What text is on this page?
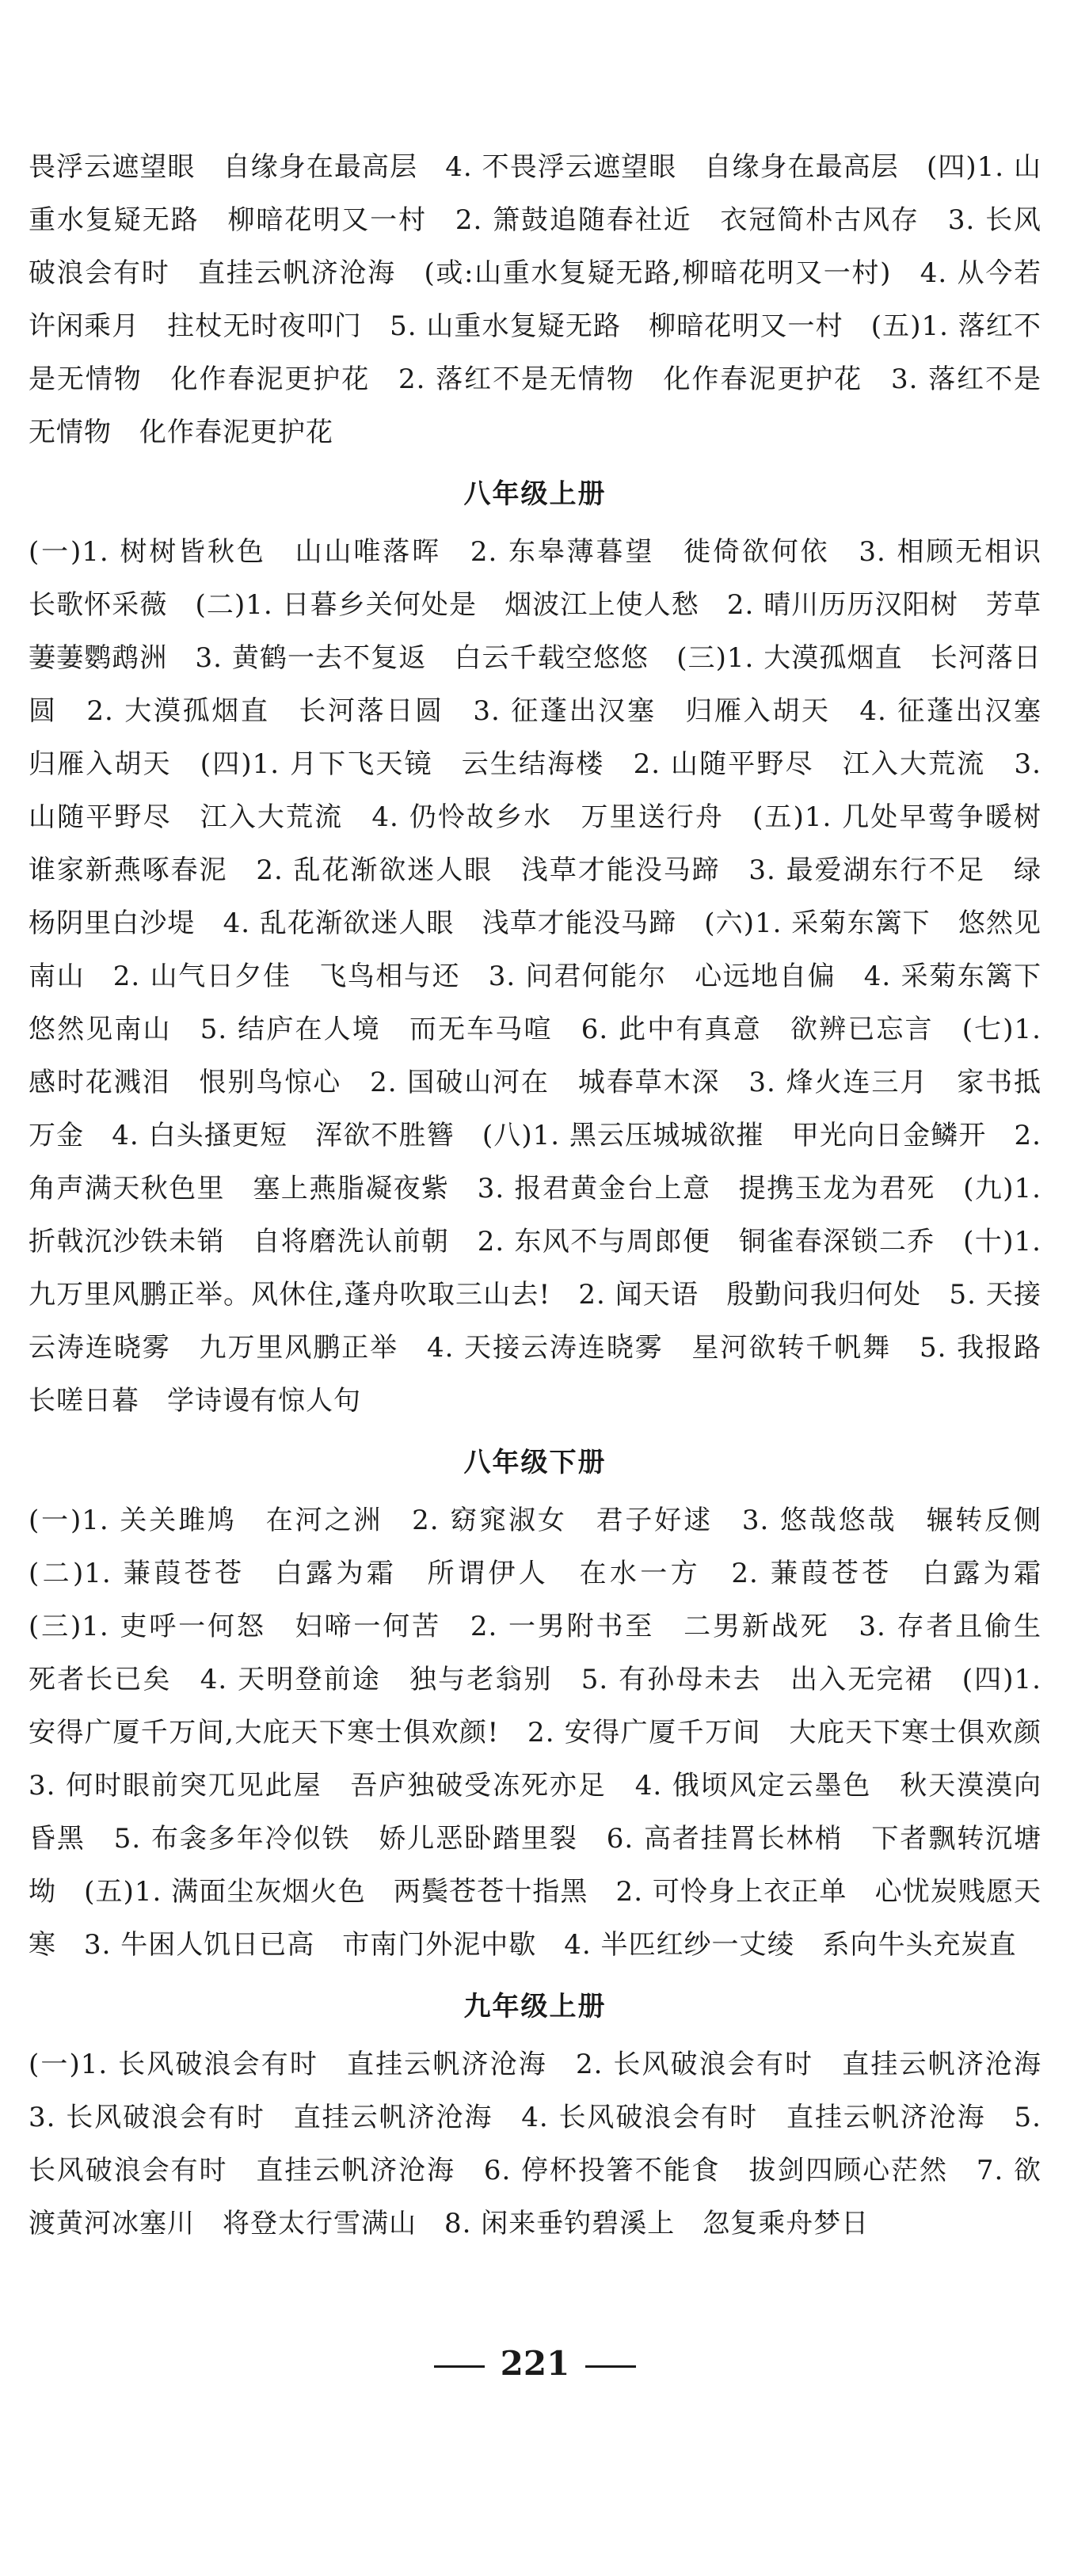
畏浮云遮望眼　自缘身在最高层　4. 不畏浮云遮望眼　自缘身在最高层　(四)1. 山重水复疑无路　柳暗花明又一村　2. 箫鼓追随春社近　衣冠简朴古风存　3. 长风破浪会有时　直挂云帆济沧海　(或:山重水复疑无路,柳暗花明又一村)　4. 从今若许闲乘月　拄杖无时夜叩门　5. 山重水复疑无路　柳暗花明又一村　(五)1. 落红不是无情物　化作春泥更护花　2. 落红不是无情物　化作春泥更护花　3. 落红不是无情物　化作春泥更护花

八年级上册

(一)1. 树树皆秋色　山山唯落晖　2. 东皋薄暮望　徙倚欲何依　3. 相顾无相识　长歌怀采薇　(二)1. 日暮乡关何处是　烟波江上使人愁　2. 晴川历历汉阳树　芳草萋萋鹦鹉洲　3. 黄鹤一去不复返　白云千载空悠悠　(三)1. 大漠孤烟直　长河落日圆　2. 大漠孤烟直　长河落日圆　3. 征蓬出汉塞　归雁入胡天　4. 征蓬出汉塞　归雁入胡天　(四)1. 月下飞天镜　云生结海楼　2. 山随平野尽　江入大荒流　3. 山随平野尽　江入大荒流　4. 仍怜故乡水　万里送行舟　(五)1. 几处早莺争暖树　谁家新燕啄春泥　2. 乱花渐欲迷人眼　浅草才能没马蹄　3. 最爱湖东行不足　绿杨阴里白沙堤　4. 乱花渐欲迷人眼　浅草才能没马蹄　(六)1. 采菊东篱下　悠然见南山　2. 山气日夕佳　飞鸟相与还　3. 问君何能尔　心远地自偏　4. 采菊东篱下　悠然见南山　5. 结庐在人境　而无车马喧　6. 此中有真意　欲辨已忘言　(七)1. 感时花溅泪　恨别鸟惊心　2. 国破山河在　城春草木深　3. 烽火连三月　家书抵万金　4. 白头搔更短　浑欲不胜簪　(八)1. 黑云压城城欲摧　甲光向日金鳞开　2. 角声满天秋色里　塞上燕脂凝夜紫　3. 报君黄金台上意　提携玉龙为君死　(九)1. 折戟沉沙铁未销　自将磨洗认前朝　2. 东风不与周郎便　铜雀春深锁二乔　(十)1. 九万里风鹏正举。风休住,蓬舟吹取三山去!　2. 闻天语　殷勤问我归何处　5. 天接云涛连晓雾　九万里风鹏正举　4. 天接云涛连晓雾　星河欲转千帆舞　5. 我报路长嗟日暮　学诗谩有惊人句

八年级下册

(一)1. 关关雎鸠　在河之洲　2. 窈窕淑女　君子好逑　3. 悠哉悠哉　辗转反侧　(二)1. 蒹葭苍苍　白露为霜　所谓伊人　在水一方　2. 蒹葭苍苍　白露为霜　(三)1. 吏呼一何怒　妇啼一何苦　2. 一男附书至　二男新战死　3. 存者且偷生　死者长已矣　4. 天明登前途　独与老翁别　5. 有孙母未去　出入无完裙　(四)1. 安得广厦千万间,大庇天下寒士俱欢颜!　2. 安得广厦千万间　大庇天下寒士俱欢颜　3. 何时眼前突兀见此屋　吾庐独破受冻死亦足　4. 俄顷风定云墨色　秋天漠漠向昏黑　5. 布衾多年冷似铁　娇儿恶卧踏里裂　6. 高者挂罥长林梢　下者飘转沉塘坳　(五)1. 满面尘灰烟火色　两鬓苍苍十指黑　2. 可怜身上衣正单　心忧炭贱愿天寒　3. 牛困人饥日已高　市南门外泥中歇　4. 半匹红纱一丈绫　系向牛头充炭直

九年级上册

(一)1. 长风破浪会有时　直挂云帆济沧海　2. 长风破浪会有时　直挂云帆济沧海　3. 长风破浪会有时　直挂云帆济沧海　4. 长风破浪会有时　直挂云帆济沧海　5. 长风破浪会有时　直挂云帆济沧海　6. 停杯投箸不能食　拔剑四顾心茫然　7. 欲渡黄河冰塞川　将登太行雪满山　8. 闲来垂钓碧溪上　忽复乘舟梦日

221
